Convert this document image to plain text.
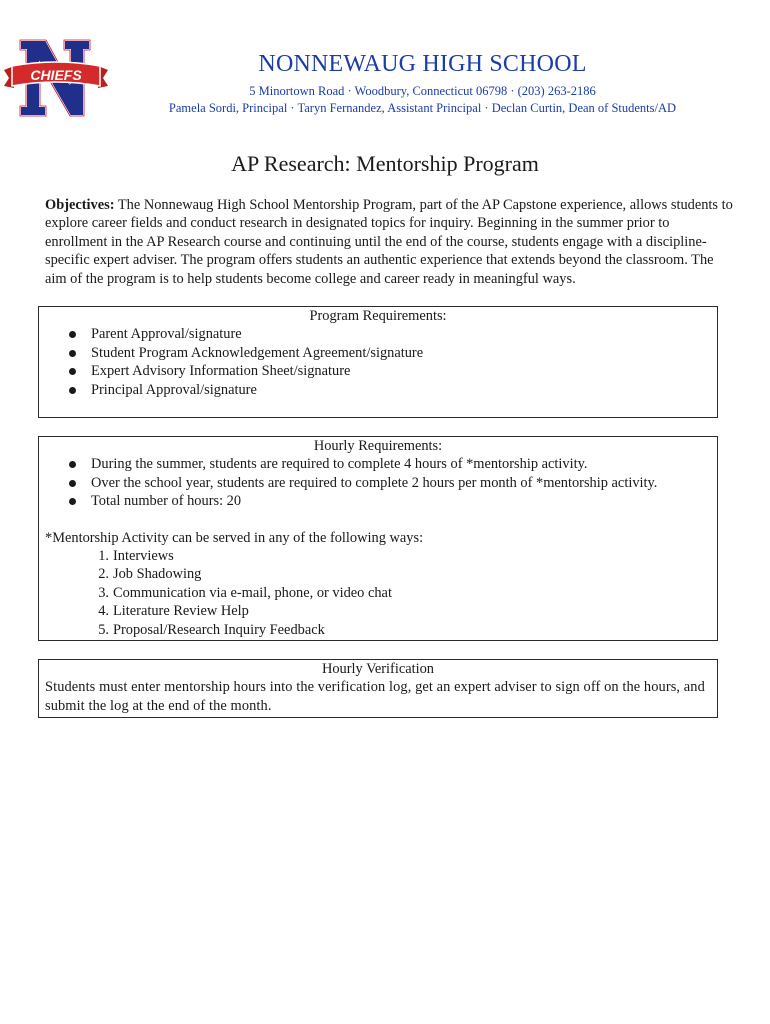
CHIEFS	NONNEWAUG HIGH SCHOOL

5 Minortown Road · Woodbury, Connecticut 06798 · (203) 263-2186

Pamela Sordi, Principal · Taryn Fernandez, Assistant Principal · Declan Curtin, Dean of Students/AD

AP Research: Mentorship Program

Objectives: The Nonnewaug High School Mentorship Program, part of the AP Capstone experience, allows students to explore career fields and conduct research in designated topics for inquiry. Beginning in the summer prior to enrollment in the AP Research course and continuing until the end of the course, students engage with a discipline-specific expert adviser. The program offers students an authentic experience that extends beyond the classroom. The aim of the program is to help students become college and career ready in meaningful ways.

Program Requirements:
Parent Approval/signature
Student Program Acknowledgement Agreement/signature
Expert Advisory Information Sheet/signature
Principal Approval/signature
Hourly Requirements:
During the summer, students are required to complete 4 hours of *mentorship activity.
Over the school year, students are required to complete 2 hours per month of *mentorship activity.
Total number of hours: 20
*Mentorship Activity can be served in any of the following ways:
1. Interviews
2. Job Shadowing
3. Communication via e-mail, phone, or video chat
4. Literature Review Help
5. Proposal/Research Inquiry Feedback
Hourly Verification

Students must enter mentorship hours into the verification log, get an expert adviser to sign off on the hours, and submit the log at the end of the month.
